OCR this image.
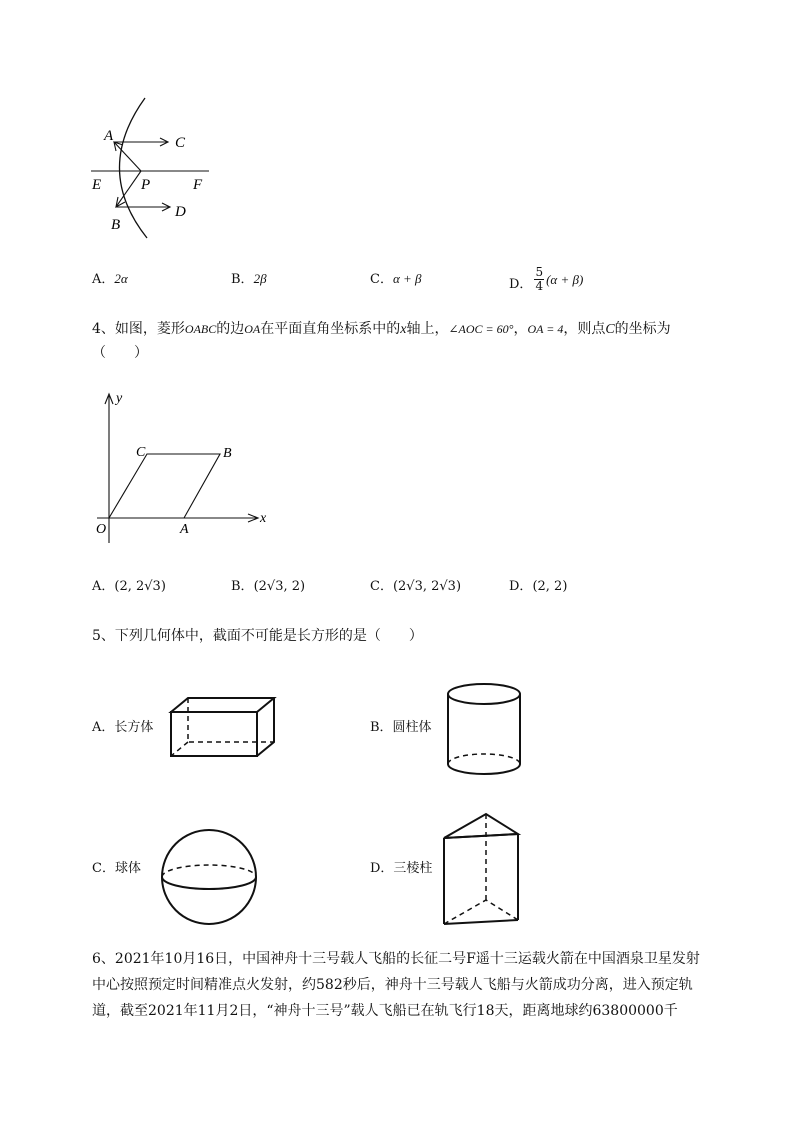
A	C
E	P	F
B
D
A．2α	B．2β	C．α + β	D． $\frac{5}{4} (\alpha + \beta)$
4、如图，菱形OABC的边OA在平面直角坐标系中的x轴上，∠AOC = 60°，OA = 4，则点C的坐标为
（　　）
y
x
O	A
B
C
A．(2, 2√3)	B．(2√3, 2)	C．(2√3, 2√3)	D．(2, 2)
5、下列几何体中，截面不可能是长方形的是（　　）
A．长方体	B．圆柱体
C．球体	D．三棱柱
6、2021年10月16日，中国神舟十三号载人飞船的长征二号F遥十三运载火箭在中国酒泉卫星发射
中心按照预定时间精准点火发射，约582秒后，神舟十三号载人飞船与火箭成功分离，进入预定轨
道，截至2021年11月2日，“神舟十三号”载人飞船已在轨飞行18天，距离地球约63800000千
